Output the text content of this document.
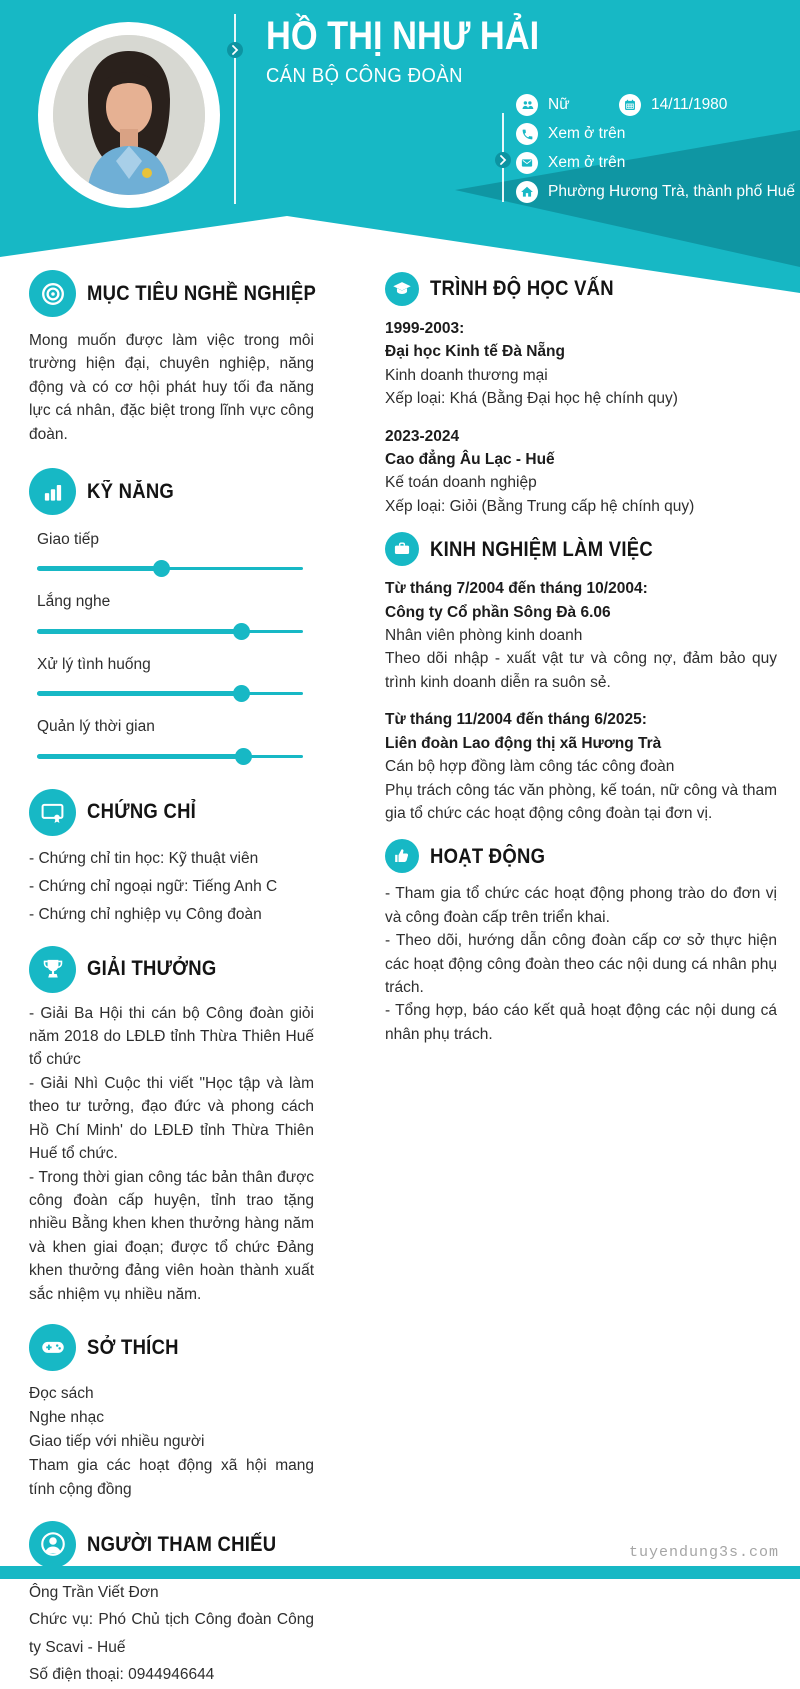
HỒ THỊ NHƯ HẢI
CÁN BỘ CÔNG ĐOÀN
Nữ	14/11/1980
Xem ở trên
Xem ở trên
Phường Hương Trà, thành phố Huế
MỤC TIÊU NGHỀ NGHIỆP

Mong muốn được làm việc trong môi trường hiện đại, chuyên nghiệp, năng động và có cơ hội phát huy tối đa năng lực cá nhân, đặc biệt trong lĩnh vực công đoàn.

KỸ NĂNG
Giao tiếp
Lắng nghe
Xử lý tình huống
Quản lý thời gian
CHỨNG CHỈ

- Chứng chỉ tin học: Kỹ thuật viên

- Chứng chỉ ngoại ngữ: Tiếng Anh C

- Chứng chỉ nghiệp vụ Công đoàn

GIẢI THƯỞNG

- Giải Ba Hội thi cán bộ Công đoàn giỏi năm 2018 do LĐLĐ tỉnh Thừa Thiên Huế tổ chức

- Giải Nhì Cuộc thi viết "Học tập và làm theo tư tưởng, đạo đức và phong cách Hồ Chí Minh' do LĐLĐ tỉnh Thừa Thiên Huế tổ chức.

- Trong thời gian công tác bản thân được công đoàn cấp huyện, tỉnh trao tặng nhiều Bằng khen khen thưởng hàng năm và khen giai đoạn; được tổ chức Đảng khen thưởng đảng viên hoàn thành xuất sắc nhiệm vụ nhiều năm.

SỞ THÍCH

Đọc sách

Nghe nhạc

Giao tiếp với nhiều người

Tham gia các hoạt động xã hội mang tính cộng đồng

NGƯỜI THAM CHIẾU

Ông Trần Viết Đơn

Chức vụ: Phó Chủ tịch Công đoàn Công ty Scavi - Huế

Số điện thoại: 0944946644

TRÌNH ĐỘ HỌC VẤN
1999-2003:
Đại học Kinh tế Đà Nẵng
Kinh doanh thương mại
Xếp loại: Khá (Bằng Đại học hệ chính quy)
2023-2024
Cao đẳng Âu Lạc - Huế
Kế toán doanh nghiệp
Xếp loại: Giỏi (Bằng Trung cấp hệ chính quy)
KINH NGHIỆM LÀM VIỆC
Từ tháng 7/2004 đến tháng 10/2004:
Công ty Cổ phần Sông Đà 6.06
Nhân viên phòng kinh doanh
Theo dõi nhập - xuất vật tư và công nợ, đảm bảo quy trình kinh doanh diễn ra suôn sẻ.
Từ tháng 11/2004 đến tháng 6/2025:
Liên đoàn Lao động thị xã Hương Trà
Cán bộ hợp đồng làm công tác công đoàn
Phụ trách công tác văn phòng, kế toán, nữ công và tham gia tổ chức các hoạt động công đoàn tại đơn vị.
HOẠT ĐỘNG

- Tham gia tổ chức các hoạt động phong trào do đơn vị và công đoàn cấp trên triển khai.

- Theo dõi, hướng dẫn công đoàn cấp cơ sở thực hiện các hoạt động công đoàn theo các nội dung cá nhân phụ trách.

- Tổng hợp, báo cáo kết quả hoạt động các nội dung cá nhân phụ trách.

tuyendung3s.com
